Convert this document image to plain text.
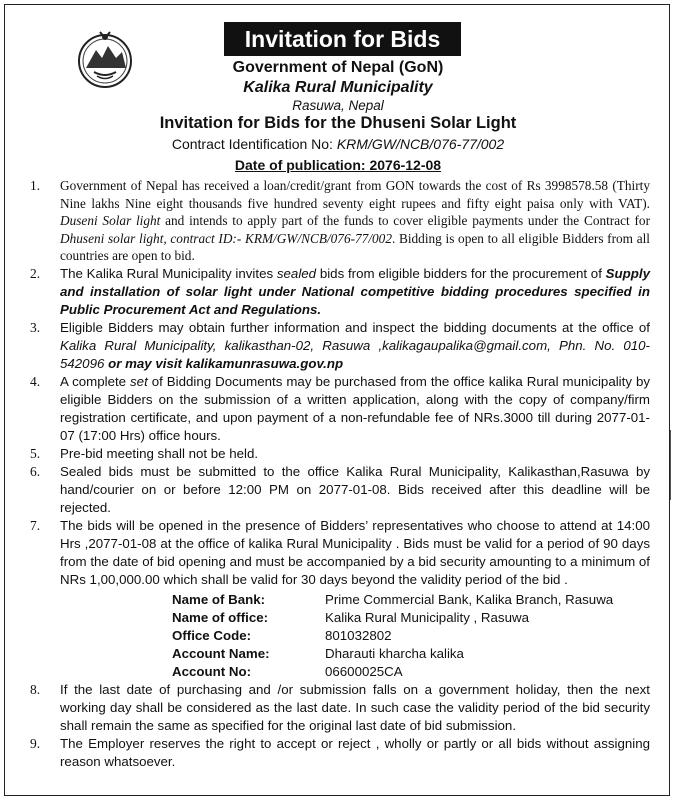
Invitation for Bids
Government of Nepal (GoN)
Kalika Rural Municipality
Rasuwa, Nepal
Invitation for Bids for the Dhuseni Solar Light
Contract Identification No: KRM/GW/NCB/076-77/002
Date of publication: 2076-12-08
1. Government of Nepal has received a loan/credit/grant from GON towards the cost of Rs 3998578.58 (Thirty Nine lakhs Nine eight thousands five hundred seventy eight rupees and fifty eight paisa only with VAT). Duseni Solar light and intends to apply part of the funds to cover eligible payments under the Contract for Dhuseni solar light, contract ID:- KRM/GW/NCB/076-77/002. Bidding is open to all eligible Bidders from all countries are open to bid.
2. The Kalika Rural Municipality invites sealed bids from eligible bidders for the procurement of Supply and installation of solar light under National competitive bidding procedures specified in Public Procurement Act and Regulations.
3. Eligible Bidders may obtain further information and inspect the bidding documents at the office of Kalika Rural Municipality, kalikasthan-02, Rasuwa ,kalikagaupalika@gmail.com, Phn. No. 010-542096 or may visit kalikamunrasuwa.gov.np
4. A complete set of Bidding Documents may be purchased from the office kalika Rural municipality by eligible Bidders on the submission of a written application, along with the copy of company/firm registration certificate, and upon payment of a non-refundable fee of NRs.3000 till during 2077-01-07 (17:00 Hrs) office hours.
5. Pre-bid meeting shall not be held.
6. Sealed bids must be submitted to the office Kalika Rural Municipality, Kalikasthan,Rasuwa by hand/courier on or before 12:00 PM on 2077-01-08. Bids received after this deadline will be rejected.
7. The bids will be opened in the presence of Bidders’ representatives who choose to attend at 14:00 Hrs ,2077-01-08 at the office of kalika Rural Municipality . Bids must be valid for a period of 90 days from the date of bid opening and must be accompanied by a bid security amounting to a minimum of NRs 1,00,000.00 which shall be valid for 30 days beyond the validity period of the bid .
Name of Bank:	Prime Commercial Bank, Kalika Branch, Rasuwa
Name of office:	Kalika Rural Municipality , Rasuwa
Office Code:	801032802
Account Name:	Dharauti kharcha kalika
Account No:	06600025CA
8. If the last date of purchasing and /or submission falls on a government holiday, then the next working day shall be considered as the last date. In such case the validity period of the bid security shall remain the same as specified for the original last date of bid submission.
9. The Employer reserves the right to accept or reject , wholly or partly or all bids without assigning reason whatsoever.
